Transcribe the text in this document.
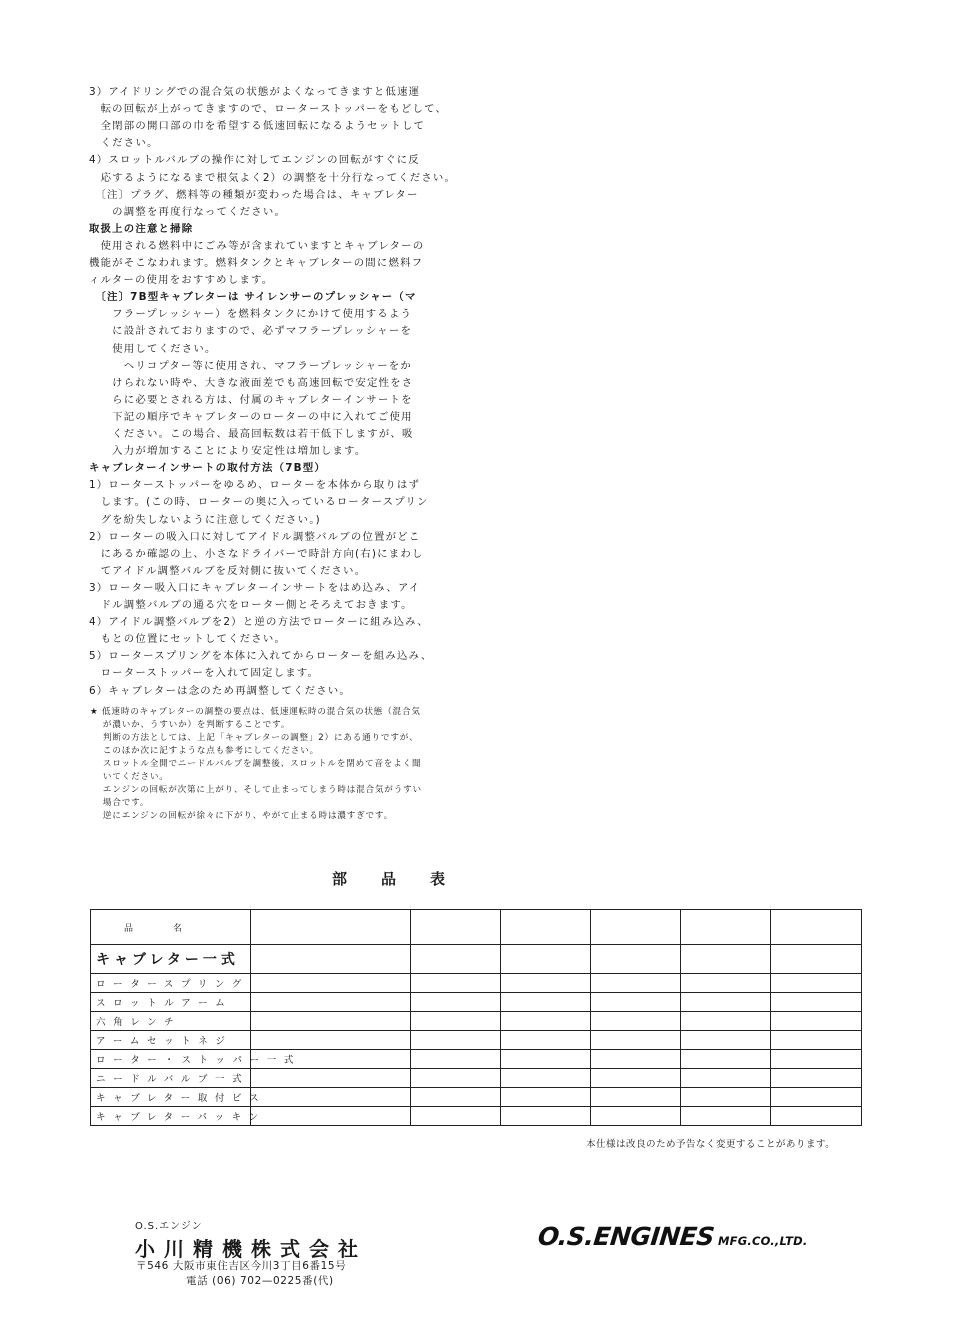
3）アイドリングでの混合気の状態がよくなってきますと低速運
　転の回転が上がってきますので、ローターストッパーをもどして、
　全閉部の開口部の巾を希望する低速回転になるようセットして
　ください。
4）スロットルバルブの操作に対してエンジンの回転がすぐに反
　応するようになるまで根気よく2）の調整を十分行なってください。
　〔注〕プラグ、燃料等の種類が変わった場合は、キャブレター
　　の調整を再度行なってください。
取扱上の注意と掃除
　使用される燃料中にごみ等が含まれていますとキャブレターの
機能がそこなわれます。燃料タンクとキャブレターの間に燃料フ
ィルターの使用をおすすめします。
　〔注〕7B型キャブレターは サイレンサーのプレッシャー（マ
　　フラープレッシャー）を燃料タンクにかけて使用するよう
　　に設計されておりますので、必ずマフラープレッシャーを
　　使用してください。
　　　ヘリコプター等に使用され、マフラープレッシャーをか
　　けられない時や、大きな液面差でも高速回転で安定性をさ
　　らに必要とされる方は、付属のキャブレターインサートを
　　下記の順序でキャブレターのローターの中に入れてご使用
　　ください。この場合、最高回転数は若干低下しますが、吸
　　入力が増加することにより安定性は増加します。
キャブレターインサートの取付方法（7B型）
1）ローターストッパーをゆるめ、ローターを本体から取りはず
　します。(この時、ローターの奥に入っているロータースプリン
　グを紛失しないように注意してください。)
2）ローターの吸入口に対してアイドル調整バルブの位置がどこ
　にあるか確認の上、小さなドライバーで時計方向(右)にまわし
　てアイドル調整バルブを反対側に抜いてください。
3）ローター吸入口にキャブレターインサートをはめ込み、アイ
　ドル調整バルブの通る穴をローター側とそろえておきます。
4）アイドル調整バルブを2）と逆の方法でローターに組み込み、
　もとの位置にセットしてください。
5）ロータースプリングを本体に入れてからローターを組み込み、
　ローターストッパーを入れて固定します。
6）キャブレターは念のため再調整してください。
★ 低速時のキャブレターの調整の要点は、低速運転時の混合気の状態（混合気
　 が濃いか、うすいか）を判断することです。
　 判断の方法としては、上記「キャブレターの調整」2）にある通りですが、
　 このほか次に記すような点も参考にしてください。
　 スロットル全開でニードルバルブを調整後、スロットルを閉めて音をよく聞
　 いてください。
　 エンジンの回転が次第に上がり、そして止まってしまう時は混合気がうすい
　 場合です。
　 逆にエンジンの回転が徐々に下がり、やがて止まる時は濃すぎです。
部品表
品名						
キャブレター一式						
ロータースプリング						
スロットルアーム						
六角レンチ						
アームセットネジ						
ローター・ストッパー一式						
ニードルバルブ一式						
キャブレター取付ビス						
キャブレターパッキン						
本仕様は改良のため予告なく変更することがあります。
O.S.エンジン
小川精機株式会社
〒546 大阪市東住吉区今川3丁目6番15号
電話 (06) 702—0225番(代)
O.S.ENGINES MFG.CO.,LTD.
